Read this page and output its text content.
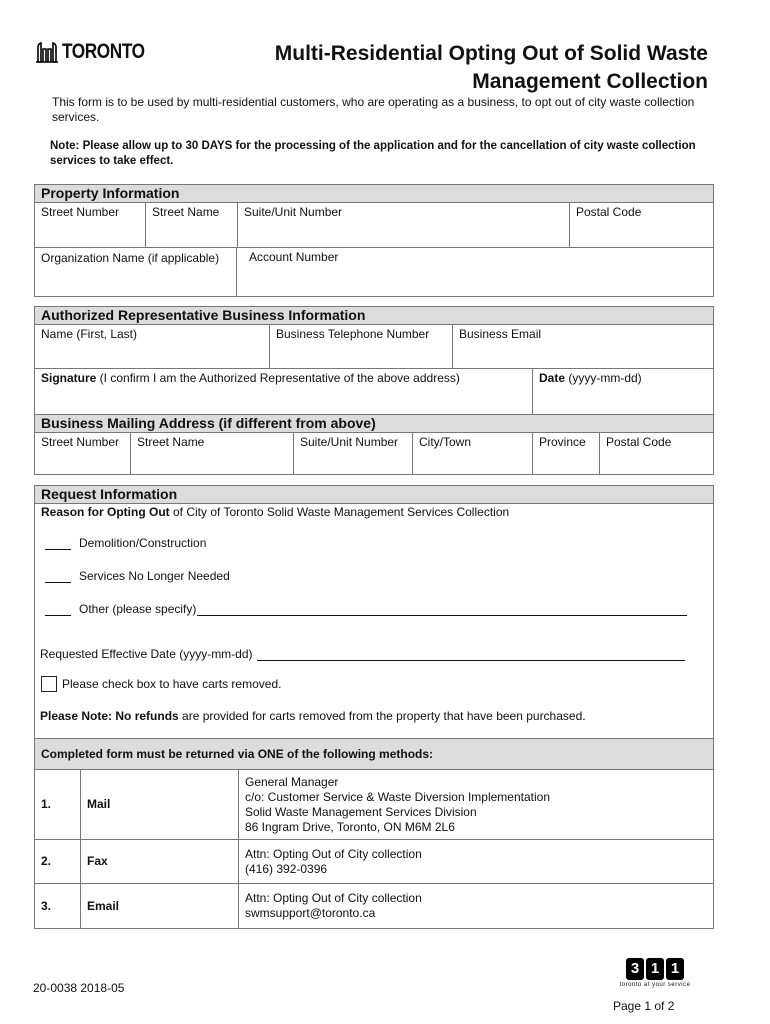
TORONTO	Multi-Residential Opting Out of Solid Waste
Management Collection
This form is to be used by multi-residential customers, who are operating as a business, to opt out of city waste collection services.
Note: Please allow up to 30 DAYS for the processing of the application and for the cancellation of city waste collection services to take effect.
Property Information
Street Number	Street Name	Suite/Unit Number	Postal Code
Organization Name (if applicable)	Account Number
Authorized Representative Business Information
Name (First, Last)	Business Telephone Number	Business Email
Signature (I confirm I am the Authorized Representative of the above address)	Date (yyyy-mm-dd)
Business Mailing Address (if different from above)
Street Number	Street Name	Suite/Unit Number	City/Town	Province	Postal Code
Request Information
Reason for Opting Out of City of Toronto Solid Waste Management Services Collection
Demolition/Construction
Services No Longer Needed
Other (please specify)
Requested Effective Date (yyyy-mm-dd)
Please check box to have carts removed.
Please Note: No refunds are provided for carts removed from the property that have been purchased.
Completed form must be returned via ONE of the following methods:
1.	Mail	General Manager
c/o: Customer Service & Waste Diversion Implementation
Solid Waste Management Services Division
86 Ingram Drive, Toronto, ON M6M 2L6

2.	Fax	Attn: Opting Out of City collection
(416) 392-0396

3.	Email	Attn: Opting Out of City collection
swmsupport@toronto.ca
20-0038 2018-05
3 1 1
toronto at your service
Page 1 of 2
